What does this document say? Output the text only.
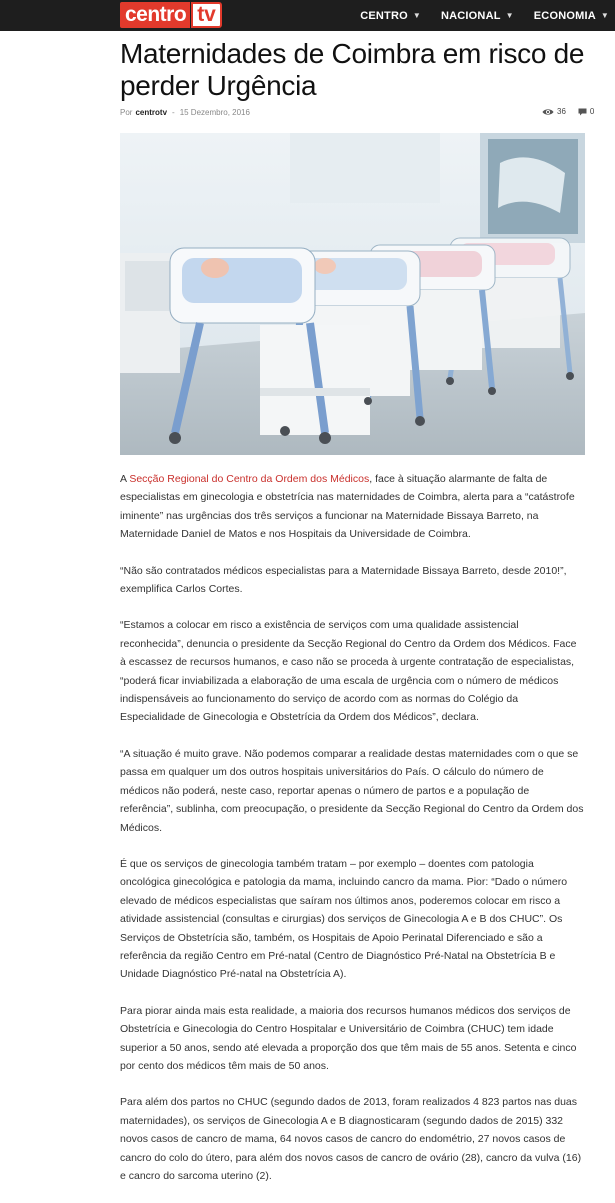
centro tv	CENTRO ▼ NACIONAL ▼ ECONOMIA ▼
Maternidades de Coimbra em risco de perder Urgência
Por centrotv - 15 Dezembro, 2016	36	0

A Secção Regional do Centro da Ordem dos Médicos, face à situação alarmante de falta de especialistas em ginecologia e obstetrícia nas maternidades de Coimbra, alerta para a “catástrofe iminente” nas urgências dos três serviços a funcionar na Maternidade Bissaya Barreto, na Maternidade Daniel de Matos e nos Hospitais da Universidade de Coimbra.

“Não são contratados médicos especialistas para a Maternidade Bissaya Barreto, desde 2010!”, exemplifica Carlos Cortes.

“Estamos a colocar em risco a existência de serviços com uma qualidade assistencial reconhecida”, denuncia o presidente da Secção Regional do Centro da Ordem dos Médicos. Face à escassez de recursos humanos, e caso não se proceda à urgente contratação de especialistas, “poderá ficar inviabilizada a elaboração de uma escala de urgência com o número de médicos indispensáveis ao funcionamento do serviço de acordo com as normas do Colégio da Especialidade de Ginecologia e Obstetrícia da Ordem dos Médicos”, declara.

“A situação é muito grave. Não podemos comparar a realidade destas maternidades com o que se passa em qualquer um dos outros hospitais universitários do País. O cálculo do número de médicos não poderá, neste caso, reportar apenas o número de partos e a população de referência”, sublinha, com preocupação, o presidente da Secção Regional do Centro da Ordem dos Médicos.

É que os serviços de ginecologia também tratam – por exemplo – doentes com patologia oncológica ginecológica e patologia da mama, incluindo cancro da mama. Pior: “Dado o número elevado de médicos especialistas que saíram nos últimos anos, poderemos colocar em risco a atividade assistencial (consultas e cirurgias) dos serviços de Ginecologia A e B dos CHUC”. Os Serviços de Obstetrícia são, também, os Hospitais de Apoio Perinatal Diferenciado e são a referência da região Centro em Pré-natal (Centro de Diagnóstico Pré-Natal na Obstetrícia B e Unidade Diagnóstico Pré-natal na Obstetrícia A).

Para piorar ainda mais esta realidade, a maioria dos recursos humanos médicos dos serviços de Obstetrícia e Ginecologia do Centro Hospitalar e Universitário de Coimbra (CHUC) tem idade superior a 50 anos, sendo até elevada a proporção dos que têm mais de 55 anos. Setenta e cinco por cento dos médicos têm mais de 50 anos.

Para além dos partos no CHUC (segundo dados de 2013, foram realizados 4 823 partos nas duas maternidades), os serviços de Ginecologia A e B diagnosticaram (segundo dados de 2015) 332 novos casos de cancro de mama, 64 novos casos de cancro do endométrio, 27 novos casos de cancro do colo do útero, para além dos novos casos de cancro de ovário (28), cancro da vulva (16) e cancro do sarcoma uterino (2).
